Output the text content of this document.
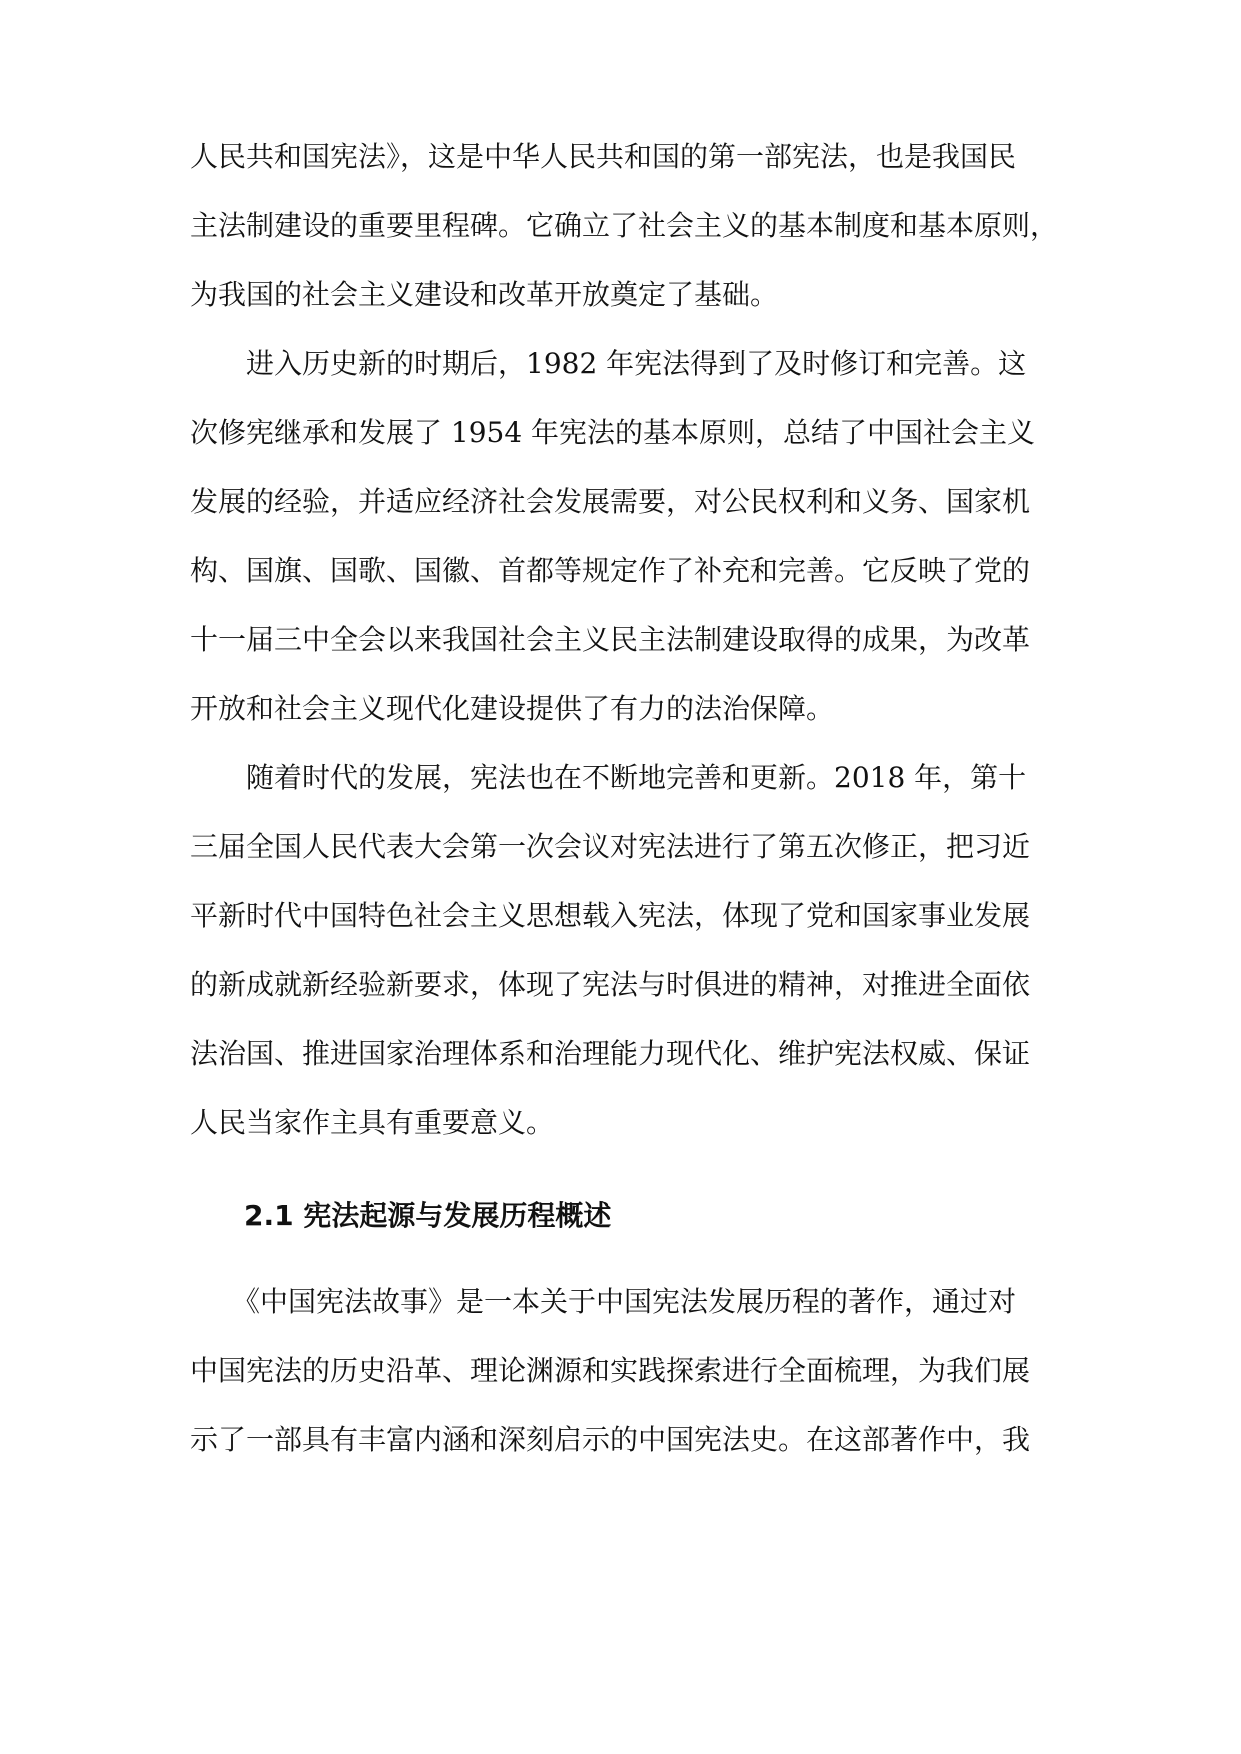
人民共和国宪法》，这是中华人民共和国的第一部宪法，也是我国民
主法制建设的重要里程碑。它确立了社会主义的基本制度和基本原则，
为我国的社会主义建设和改革开放奠定了基础。
　　进入历史新的时期后，1982 年宪法得到了及时修订和完善。这
次修宪继承和发展了 1954 年宪法的基本原则，总结了中国社会主义
发展的经验，并适应经济社会发展需要，对公民权利和义务、国家机
构、国旗、国歌、国徽、首都等规定作了补充和完善。它反映了党的
十一届三中全会以来我国社会主义民主法制建设取得的成果，为改革
开放和社会主义现代化建设提供了有力的法治保障。
　　随着时代的发展，宪法也在不断地完善和更新。2018 年，第十
三届全国人民代表大会第一次会议对宪法进行了第五次修正，把习近
平新时代中国特色社会主义思想载入宪法，体现了党和国家事业发展
的新成就新经验新要求，体现了宪法与时俱进的精神，对推进全面依
法治国、推进国家治理体系和治理能力现代化、维护宪法权威、保证
人民当家作主具有重要意义。
2.1 宪法起源与发展历程概述
　　《中国宪法故事》是一本关于中国宪法发展历程的著作，通过对
中国宪法的历史沿革、理论渊源和实践探索进行全面梳理，为我们展
示了一部具有丰富内涵和深刻启示的中国宪法史。在这部著作中，我
